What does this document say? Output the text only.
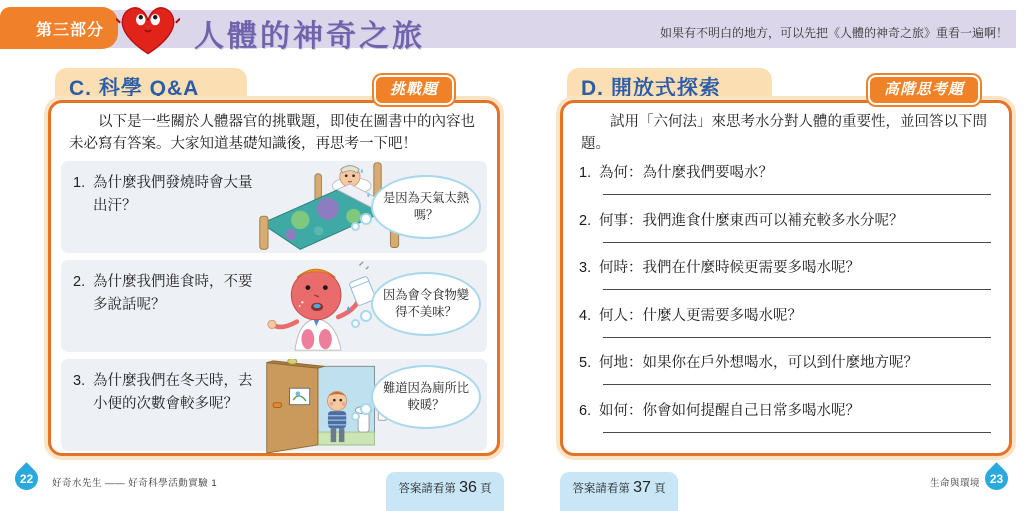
第三部分	人體的神奇之旅	如果有不明白的地方，可以先把《人體的神奇之旅》重看一遍啊！
C. 科學 Q&A	挑戰題
以下是一些關於人體器官的挑戰題，即使在圖書中的內容也未必寫有答案。大家知道基礎知識後，再思考一下吧！
1. 為什麼我們發燒時會大量出汗？	是因為天氣太熱嗎？
2. 為什麼我們進食時，不要多說話呢？
因為會令食物變得不美味？
3. 為什麼我們在冬天時，去小便的次數會較多呢？
難道因為廁所比較暖？
D. 開放式探索	高階思考題
試用「六何法」來思考水分對人體的重要性，並回答以下問題。
1. 為何：為什麼我們要喝水？
2. 何事：我們進食什麼東西可以補充較多水分呢？
3. 何時：我們在什麼時候更需要多喝水呢？
4. 何人：什麼人更需要多喝水呢？
5. 何地：如果你在戶外想喝水，可以到什麼地方呢？
6. 如何：你會如何提醒自己日常多喝水呢？
22	好奇水先生 —— 好奇科學活動實驗 1	答案請看第 36 頁	答案請看第 37 頁	生命與環境 23
